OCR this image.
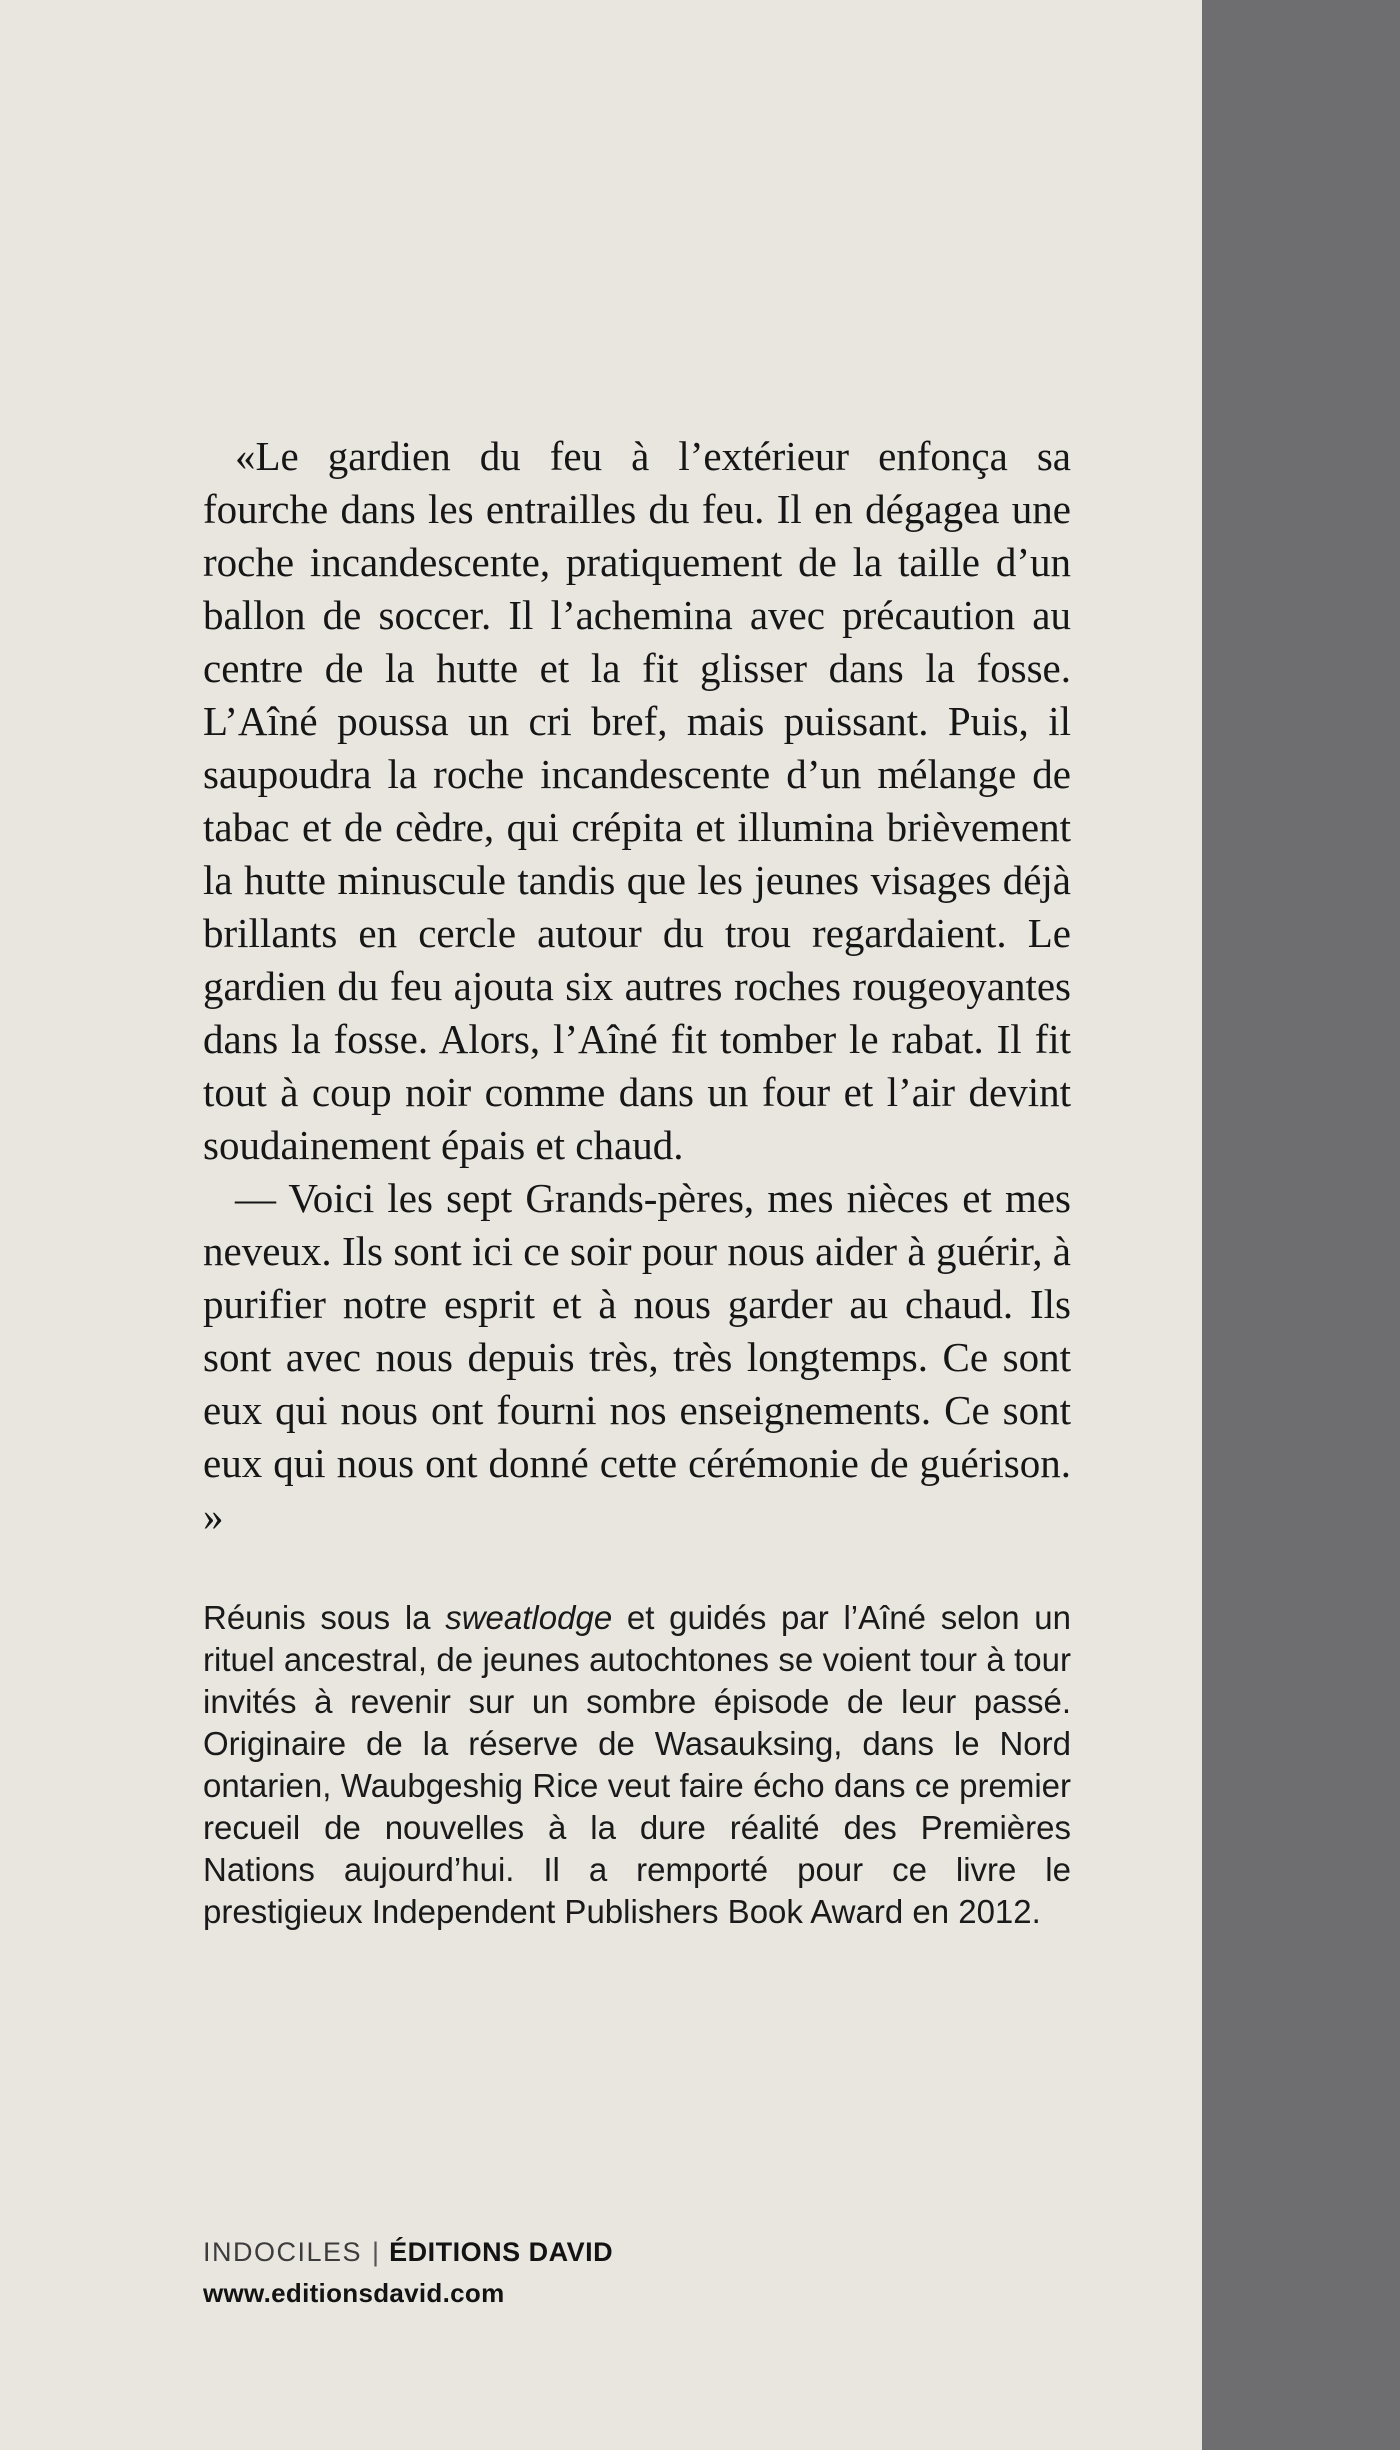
«Le gardien du feu à l’extérieur enfonça sa fourche dans les entrailles du feu. Il en dégagea une roche incandescente, pratiquement de la taille d’un ballon de soccer. Il l’achemina avec précaution au centre de la hutte et la fit glisser dans la fosse. L’Aîné poussa un cri bref, mais puissant. Puis, il saupoudra la roche incandescente d’un mélange de tabac et de cèdre, qui crépita et illumina brièvement la hutte minuscule tandis que les jeunes visages déjà brillants en cercle autour du trou regardaient. Le gardien du feu ajouta six autres roches rougeoyantes dans la fosse. Alors, l’Aîné fit tomber le rabat. Il fit tout à coup noir comme dans un four et l’air devint soudainement épais et chaud.

— Voici les sept Grands-pères, mes nièces et mes neveux. Ils sont ici ce soir pour nous aider à guérir, à purifier notre esprit et à nous garder au chaud. Ils sont avec nous depuis très, très longtemps. Ce sont eux qui nous ont fourni nos enseignements. Ce sont eux qui nous ont donné cette cérémonie de guérison. »

Réunis sous la sweatlodge et guidés par l’Aîné selon un rituel ancestral, de jeunes autochtones se voient tour à tour invités à revenir sur un sombre épisode de leur passé. Originaire de la réserve de Wasauksing, dans le Nord ontarien, Waubgeshig Rice veut faire écho dans ce premier recueil de nouvelles à la dure réalité des Premières Nations aujourd’hui. Il a remporté pour ce livre le prestigieux Independent Publishers Book Award en 2012.

INDOCILES | ÉDITIONS DAVID
www.editionsdavid.com
